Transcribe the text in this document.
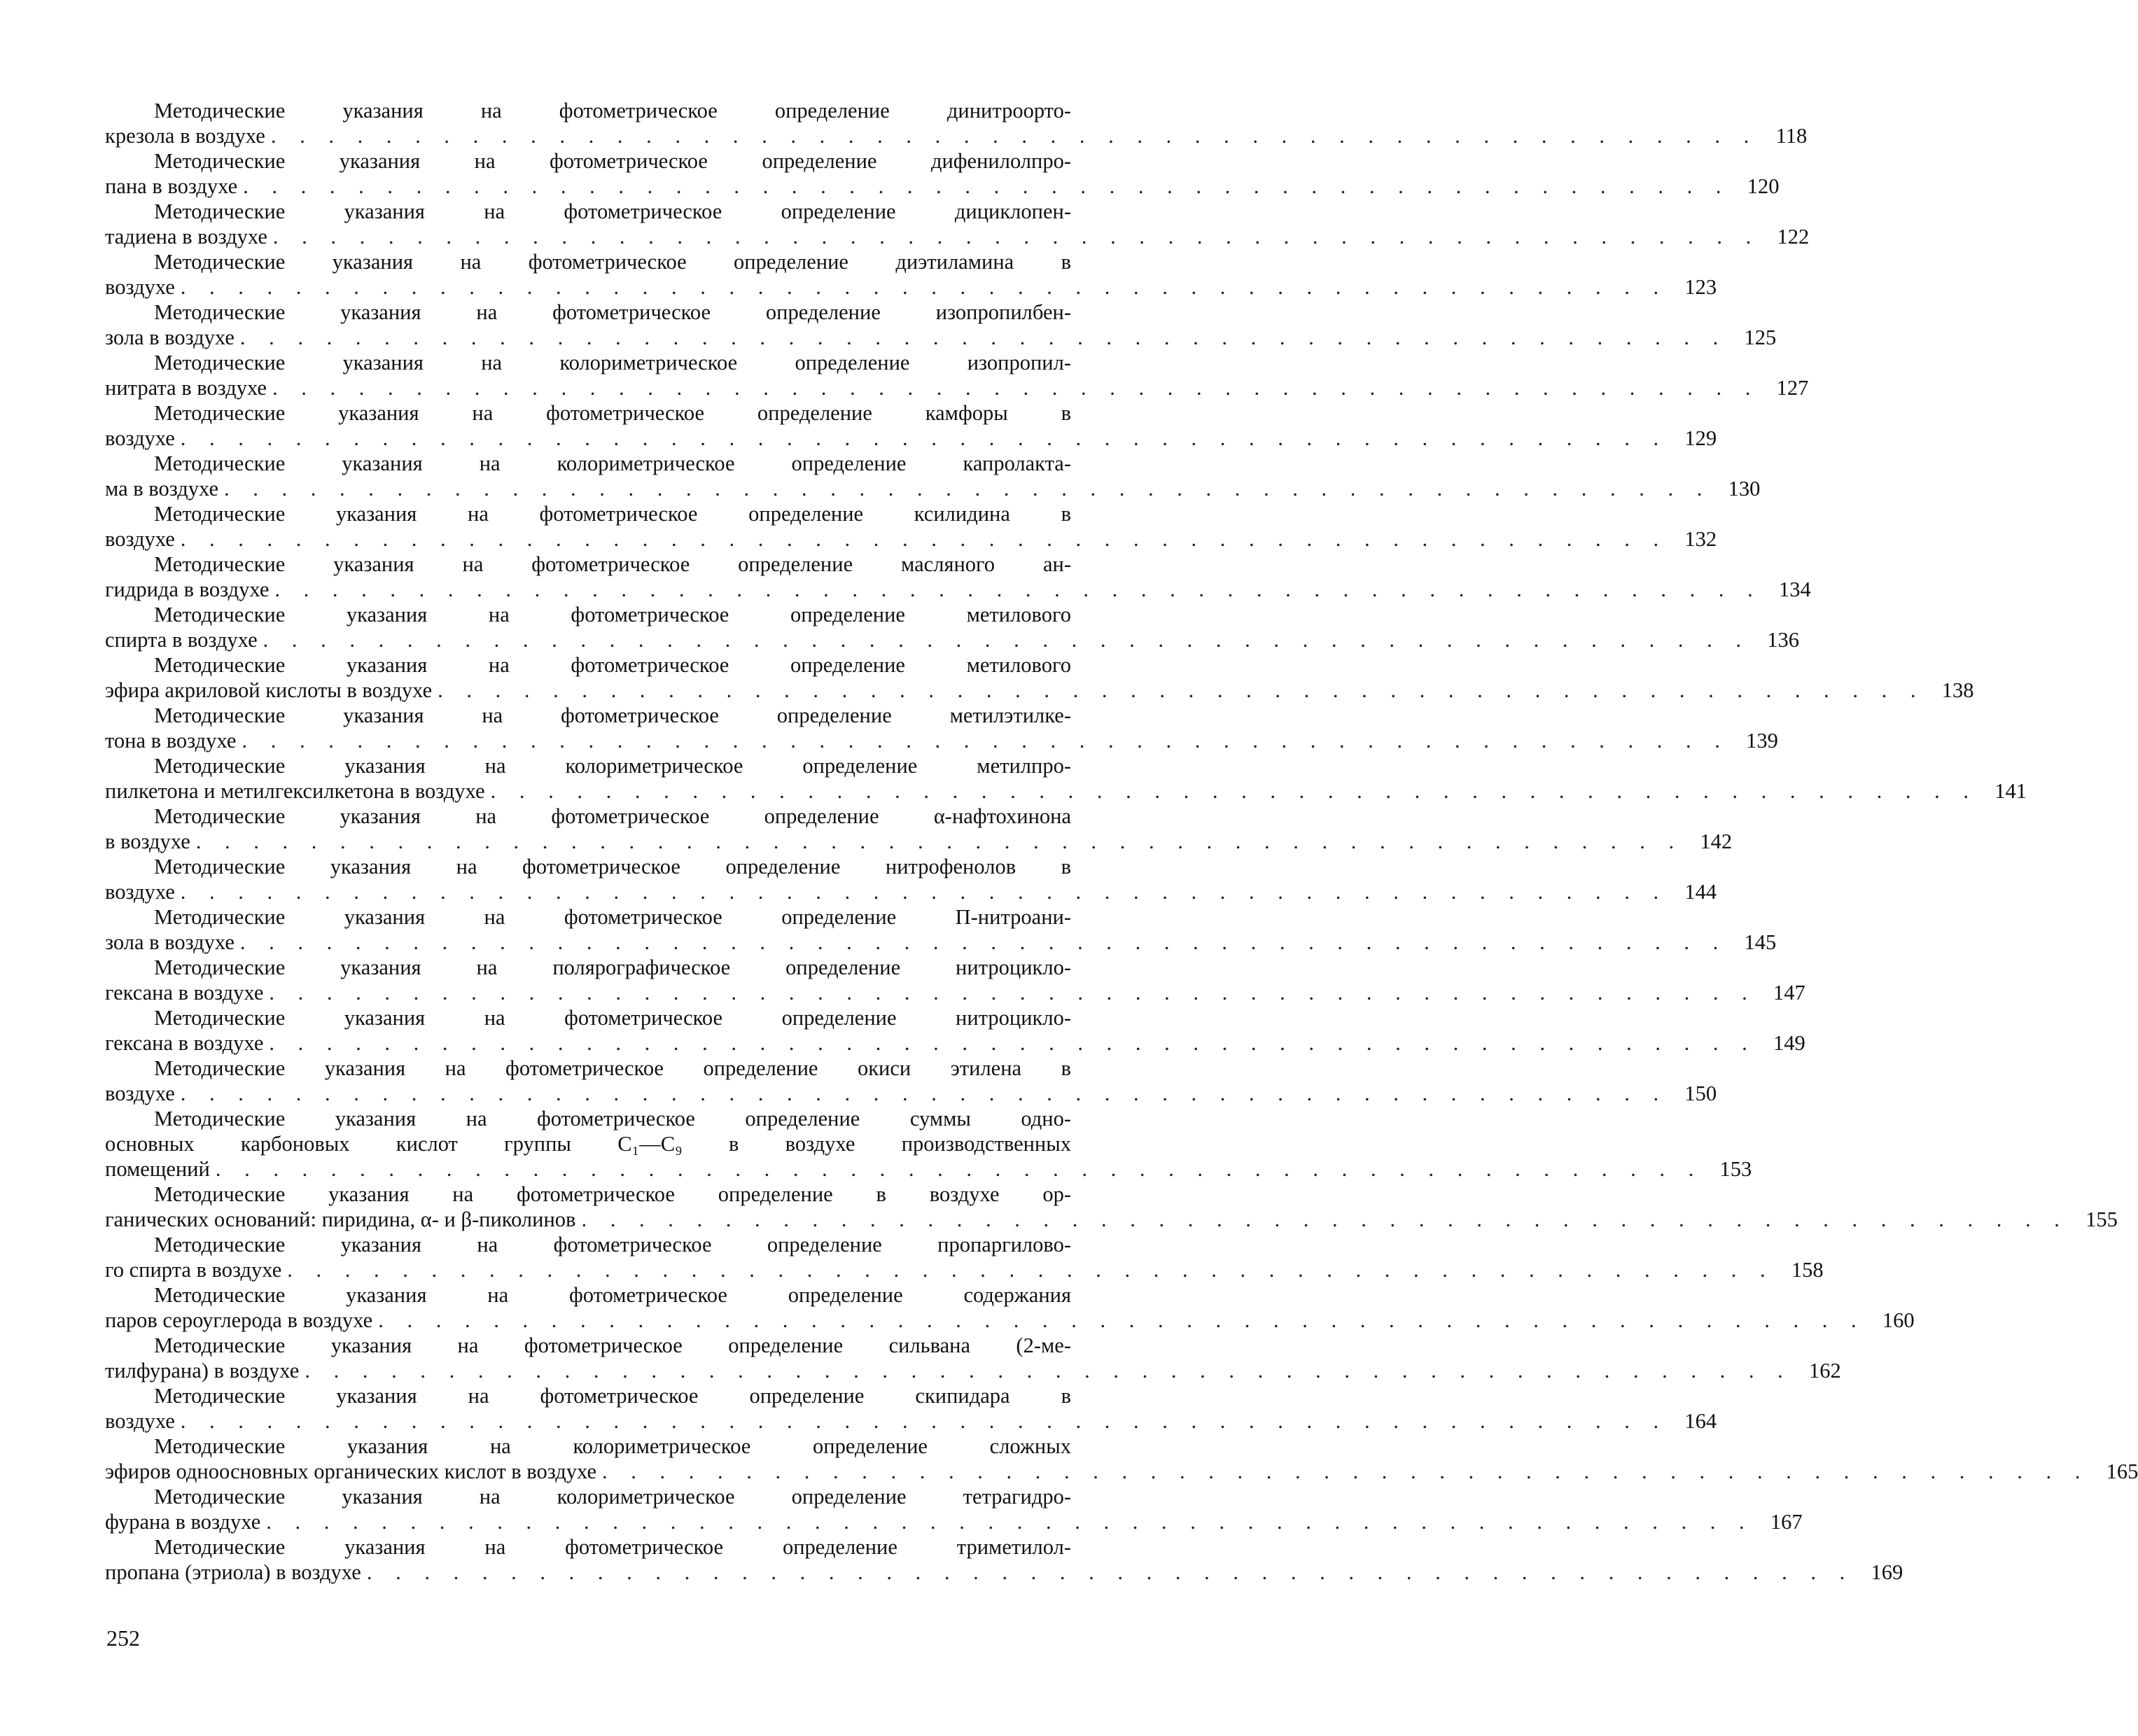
Методические указания на фотометрическое определение динитроорто-
крезола в воздухе . . . . . . . . . . . . . . . . . . . . . . . . . . . . . . . . . . . . . . . . . . . . . . . . . . . . 118
Методические указания на фотометрическое определение дифенилолпро-
пана в воздухе . . . . . . . . . . . . . . . . . . . . . . . . . . . . . . . . . . . . . . . . . . . . . . . . . . . . 120
Методические указания на фотометрическое определение дициклопен-
тадиена в воздухе . . . . . . . . . . . . . . . . . . . . . . . . . . . . . . . . . . . . . . . . . . . . . . . . . . . . 122
Методические указания на фотометрическое определение диэтиламина в
воздухе . . . . . . . . . . . . . . . . . . . . . . . . . . . . . . . . . . . . . . . . . . . . . . . . . . . . 123
Методические указания на фотометрическое определение изопропилбен-
зола в воздухе . . . . . . . . . . . . . . . . . . . . . . . . . . . . . . . . . . . . . . . . . . . . . . . . . . . . 125
Методические указания на колориметрическое определение изопропил-
нитрата в воздухе . . . . . . . . . . . . . . . . . . . . . . . . . . . . . . . . . . . . . . . . . . . . . . . . . . . . 127
Методические указания на фотометрическое определение камфоры в
воздухе . . . . . . . . . . . . . . . . . . . . . . . . . . . . . . . . . . . . . . . . . . . . . . . . . . . . 129
Методические указания на колориметрическое определение капролакта-
ма в воздухе . . . . . . . . . . . . . . . . . . . . . . . . . . . . . . . . . . . . . . . . . . . . . . . . . . . . 130
Методические указания на фотометрическое определение ксилидина в
воздухе . . . . . . . . . . . . . . . . . . . . . . . . . . . . . . . . . . . . . . . . . . . . . . . . . . . . 132
Методические указания на фотометрическое определение масляного ан-
гидрида в воздухе . . . . . . . . . . . . . . . . . . . . . . . . . . . . . . . . . . . . . . . . . . . . . . . . . . . . 134
Методические указания на фотометрическое определение метилового
спирта в воздухе . . . . . . . . . . . . . . . . . . . . . . . . . . . . . . . . . . . . . . . . . . . . . . . . . . . . 136
Методические указания на фотометрическое определение метилового
эфира акриловой кислоты в воздухе . . . . . . . . . . . . . . . . . . . . . . . . . . . . . . . . . . . . . . . . . . . . . . . . . . . . 138
Методические указания на фотометрическое определение метилэтилке-
тона в воздухе . . . . . . . . . . . . . . . . . . . . . . . . . . . . . . . . . . . . . . . . . . . . . . . . . . . . 139
Методические указания на колориметрическое определение метилпро-
пилкетона и метилгексилкетона в воздухе . . . . . . . . . . . . . . . . . . . . . . . . . . . . . . . . . . . . . . . . . . . . . . . . . . . . 141
Методические указания на фотометрическое определение α-нафтохинона
в воздухе . . . . . . . . . . . . . . . . . . . . . . . . . . . . . . . . . . . . . . . . . . . . . . . . . . . . 142
Методические указания на фотометрическое определение нитрофенолов в
воздухе . . . . . . . . . . . . . . . . . . . . . . . . . . . . . . . . . . . . . . . . . . . . . . . . . . . . 144
Методические указания на фотометрическое определение П-нитроани-
зола в воздухе . . . . . . . . . . . . . . . . . . . . . . . . . . . . . . . . . . . . . . . . . . . . . . . . . . . . 145
Методические указания на полярографическое определение нитроцикло-
гексана в воздухе . . . . . . . . . . . . . . . . . . . . . . . . . . . . . . . . . . . . . . . . . . . . . . . . . . . . 147
Методические указания на фотометрическое определение нитроцикло-
гексана в воздухе . . . . . . . . . . . . . . . . . . . . . . . . . . . . . . . . . . . . . . . . . . . . . . . . . . . . 149
Методические указания на фотометрическое определение окиси этилена в
воздухе . . . . . . . . . . . . . . . . . . . . . . . . . . . . . . . . . . . . . . . . . . . . . . . . . . . . 150
Методические указания на фотометрическое определение суммы одно-
основных карбоновых кислот группы C₁—C₉ в воздухе производственных
помещений . . . . . . . . . . . . . . . . . . . . . . . . . . . . . . . . . . . . . . . . . . . . . . . . . . . . 153
Методические указания на фотометрическое определение в воздухе ор-
ганических оснований: пиридина, α- и β-пиколинов . . . . . . . . . . . . . . . . . . . . . . . . . . . . . . . . . . . . . . . . . . . . . . . . . . . . 155
Методические указания на фотометрическое определение пропаргилово-
го спирта в воздухе . . . . . . . . . . . . . . . . . . . . . . . . . . . . . . . . . . . . . . . . . . . . . . . . . . . . 158
Методические указания на фотометрическое определение содержания
паров сероуглерода в воздухе . . . . . . . . . . . . . . . . . . . . . . . . . . . . . . . . . . . . . . . . . . . . . . . . . . . . 160
Методические указания на фотометрическое определение сильвана (2-ме-
тилфурана) в воздухе . . . . . . . . . . . . . . . . . . . . . . . . . . . . . . . . . . . . . . . . . . . . . . . . . . . . 162
Методические указания на фотометрическое определение скипидара в
воздухе . . . . . . . . . . . . . . . . . . . . . . . . . . . . . . . . . . . . . . . . . . . . . . . . . . . . 164
Методические указания на колориметрическое определение сложных
эфиров одноосновных органических кислот в воздухе . . . . . . . . . . . . . . . . . . . . . . . . . . . . . . . . . . . . . . . . . . . . . . . . . . . . 165
Методические указания на колориметрическое определение тетрагидро-
фурана в воздухе . . . . . . . . . . . . . . . . . . . . . . . . . . . . . . . . . . . . . . . . . . . . . . . . . . . . 167
Методические указания на фотометрическое определение триметилол-
пропана (этриола) в воздухе . . . . . . . . . . . . . . . . . . . . . . . . . . . . . . . . . . . . . . . . . . . . . . . . . . . . 169
252
